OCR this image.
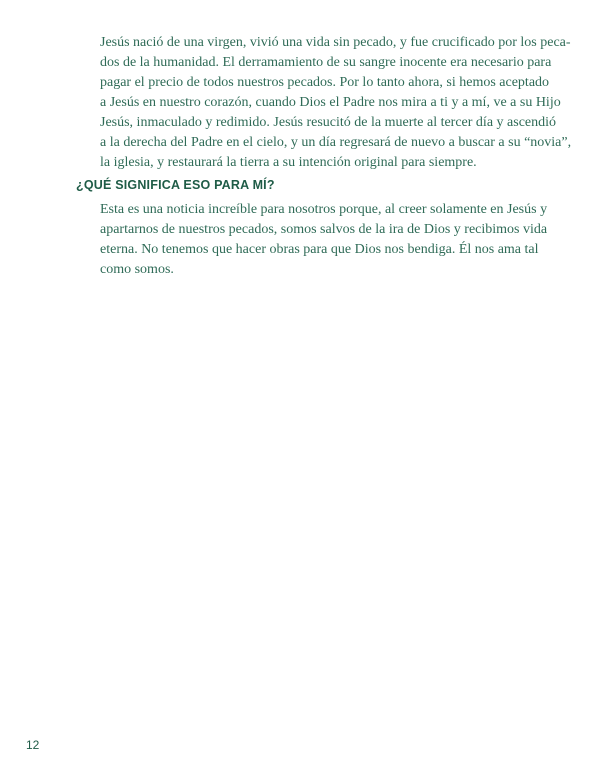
Jesús nació de una virgen, vivió una vida sin pecado, y fue crucificado por los peca-
dos de la humanidad. El derramamiento de su sangre inocente era necesario para
pagar el precio de todos nuestros pecados. Por lo tanto ahora, si hemos aceptado
a Jesús en nuestro corazón, cuando Dios el Padre nos mira a ti y a mí, ve a su Hijo
Jesús, inmaculado y redimido. Jesús resucitó de la muerte al tercer día y ascendió
a la derecha del Padre en el cielo, y un día regresará de nuevo a buscar a su “novia”,
la iglesia, y restaurará la tierra a su intención original para siempre.

¿QUÉ SIGNIFICA ESO PARA MÍ?

Esta es una noticia increíble para nosotros porque, al creer solamente en Jesús y
apartarnos de nuestros pecados, somos salvos de la ira de Dios y recibimos vida
eterna. No tenemos que hacer obras para que Dios nos bendiga. Él nos ama tal
como somos.

12
